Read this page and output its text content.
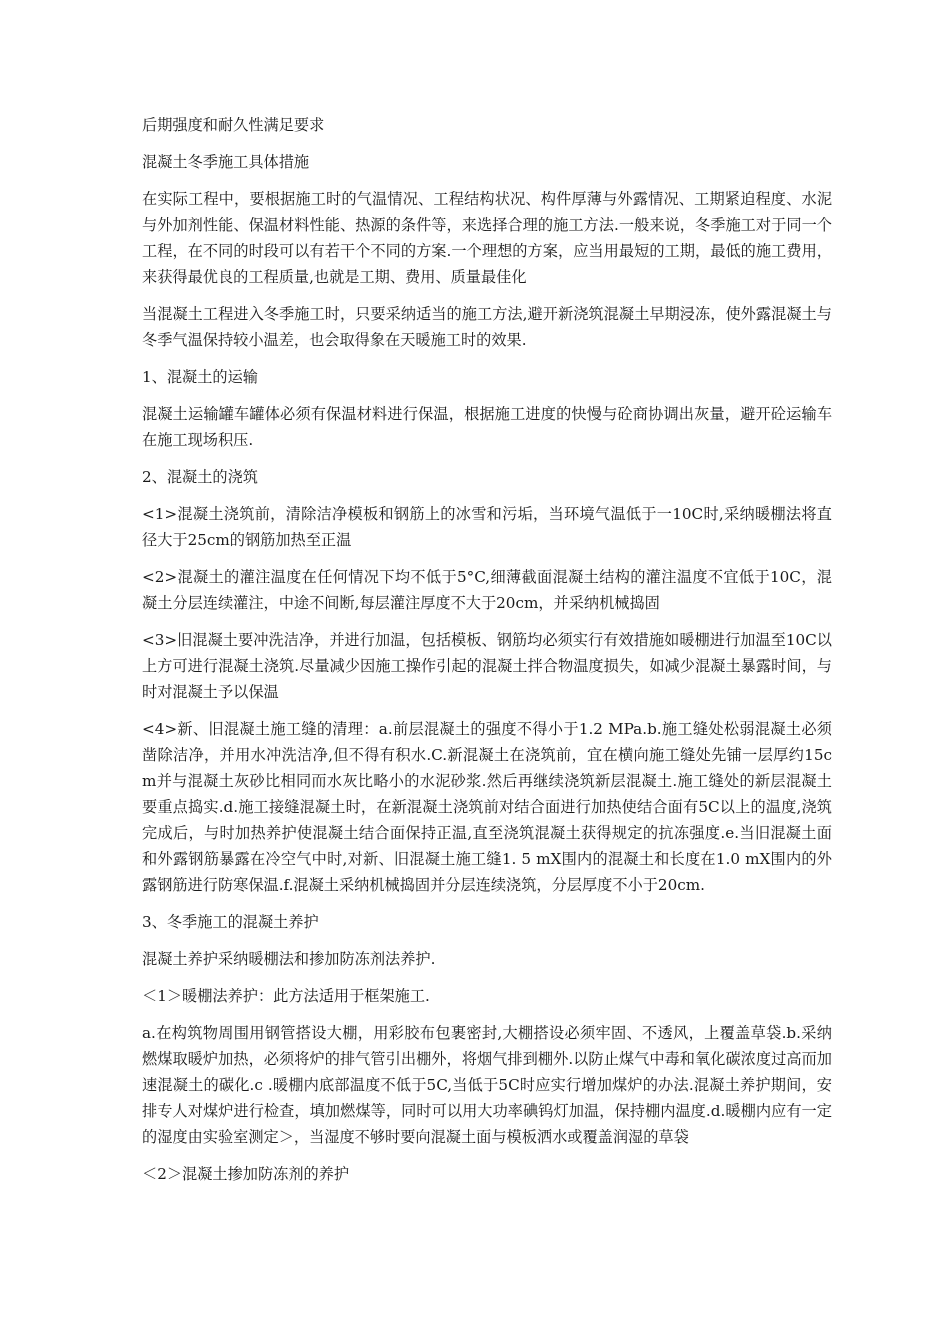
后期强度和耐久性满足要求

混凝土冬季施工具体措施

在实际工程中，要根据施工时的气温情况、工程结构状况、构件厚薄与外露情况、工期紧迫程度、水泥与外加剂性能、保温材料性能、热源的条件等，来选择合理的施工方法.一般来说，冬季施工对于同一个工程，在不同的时段可以有若干个不同的方案.一个理想的方案，应当用最短的工期，最低的施工费用，来获得最优良的工程质量,也就是工期、费用、质量最佳化

当混凝土工程进入冬季施工时，只要采纳适当的施工方法,避开新浇筑混凝土早期浸冻，使外露混凝土与冬季气温保持较小温差，也会取得象在天暖施工时的效果.

1、混凝土的运输

混凝土运输罐车罐体必须有保温材料进行保温，根据施工进度的快慢与砼商协调出灰量，避开砼运输车在施工现场积压.

2、混凝土的浇筑

<1>混凝土浇筑前，清除洁净模板和钢筋上的冰雪和污垢，当环境气温低于一10C时,采纳暖棚法将直径大于25cm的钢筋加热至正温

<2>混凝土的灌注温度在任何情况下均不低于5°C,细薄截面混凝土结构的灌注温度不宜低于10C，混凝土分层连续灌注，中途不间断,每层灌注厚度不大于20cm，并采纳机械捣固

<3>旧混凝土要冲洗洁净，并进行加温，包括模板、钢筋均必须实行有效措施如暖棚进行加温至10C以上方可进行混凝土浇筑.尽量减少因施工操作引起的混凝土拌合物温度损失，如减少混凝土暴露时间，与时对混凝土予以保温

<4>新、旧混凝土施工缝的清理：a.前层混凝土的强度不得小于1.2 MPa.b.施工缝处松弱混凝土必须凿除洁净，并用水冲洗洁净,但不得有积水.C.新混凝土在浇筑前，宜在横向施工缝处先铺一层厚约15cm并与混凝土灰砂比相同而水灰比略小的水泥砂浆.然后再继续浇筑新层混凝土.施工缝处的新层混凝土要重点捣实.d.施工接缝混凝土时，在新混凝土浇筑前对结合面进行加热使结合面有5C以上的温度,浇筑完成后，与时加热养护使混凝土结合面保持正温,直至浇筑混凝土获得规定的抗冻强度.e.当旧混凝土面和外露钢筋暴露在冷空气中时,对新、旧混凝土施工缝1. 5 mX围内的混凝土和长度在1.0 mX围内的外露钢筋进行防寒保温.f.混凝土采纳机械捣固并分层连续浇筑，分层厚度不小于20cm.

3、冬季施工的混凝土养护

混凝土养护采纳暖棚法和掺加防冻剂法养护.

＜1＞暖棚法养护：此方法适用于框架施工.

a.在构筑物周围用钢管搭设大棚，用彩胶布包裹密封,大棚搭设必须牢固、不透风，上覆盖草袋.b.采纳燃煤取暖炉加热，必须将炉的排气管引出棚外，将烟气排到棚外.以防止煤气中毒和氧化碳浓度过高而加速混凝土的碳化.c .暖棚内底部温度不低于5C,当低于5C时应实行增加煤炉的办法.混凝土养护期间，安排专人对煤炉进行检查，填加燃煤等，同时可以用大功率碘钨灯加温，保持棚内温度.d.暖棚内应有一定的湿度由实验室测定＞，当湿度不够时要向混凝土面与模板洒水或覆盖润湿的草袋

＜2＞混凝土掺加防冻剂的养护
